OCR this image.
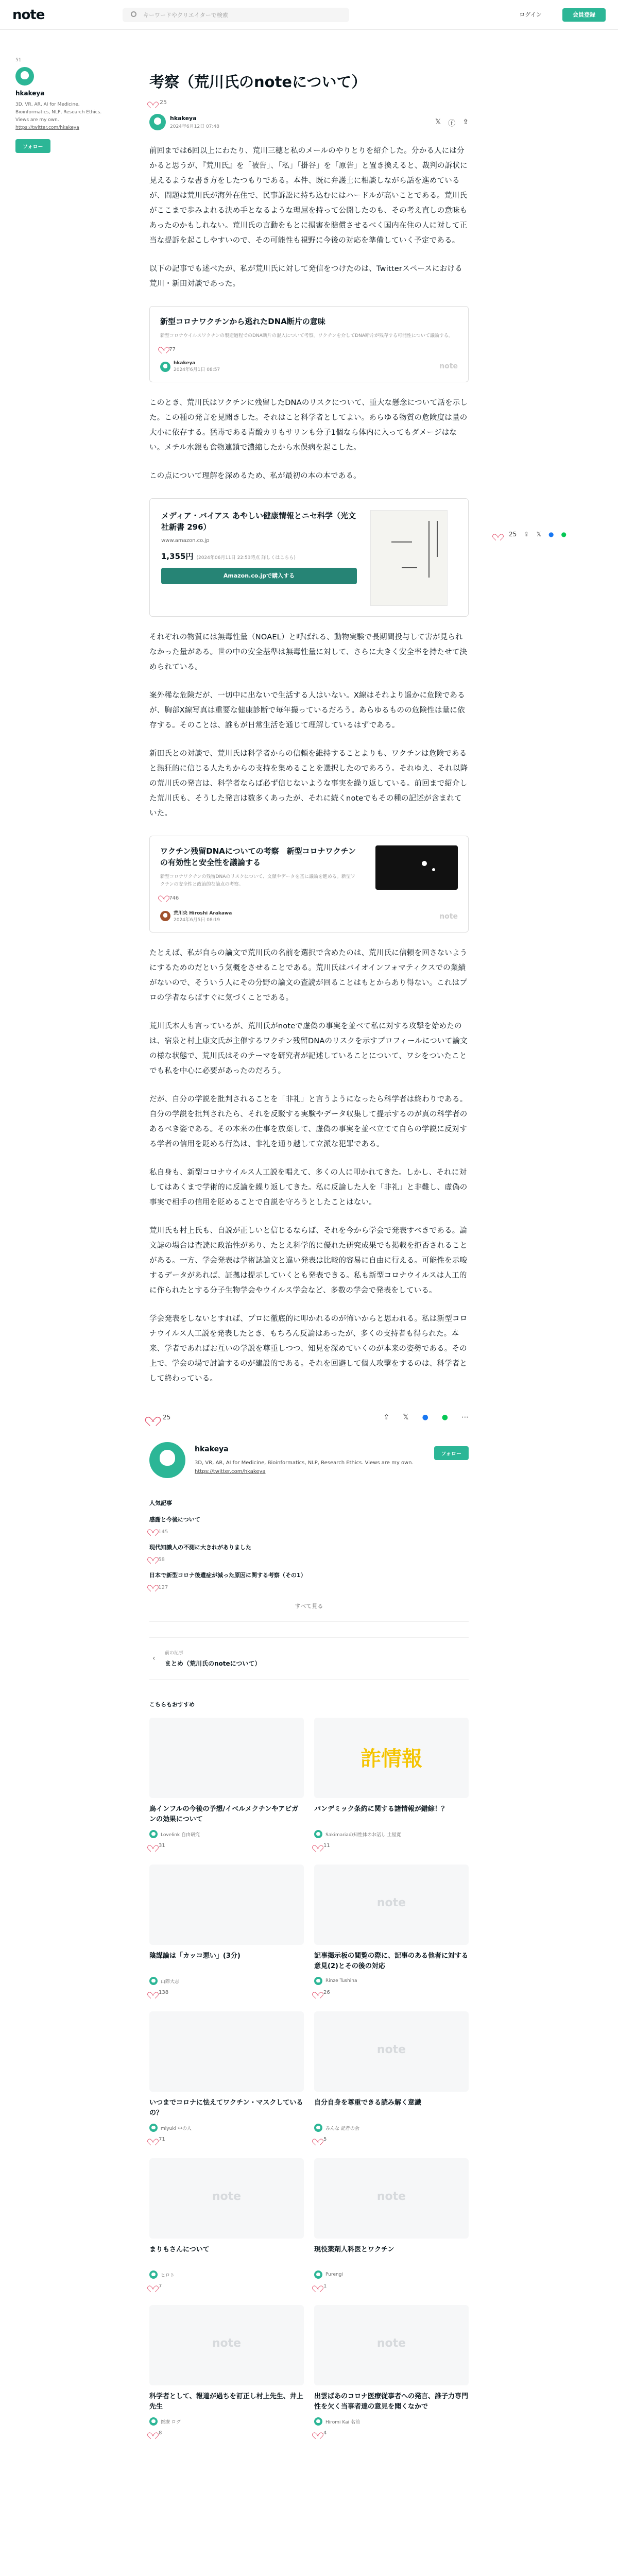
note	キーワードやクリエイターで検索	ログイン	会員登録
51
hkakeya
3D, VR, AR, AI for Medicine, Bioinformatics, NLP, Research Ethics. Views are my own. https://twitter.com/hkakeya
フォロー
25 ⇪ 𝕏 ● ●
考察（荒川氏のnoteについて）
25
hkakeya
2024年6月12日 07:48
𝕏 ⓕ ⇪

前回までは6回以上にわたり、荒川三穂と私のメールのやりとりを紹介した。分かる人には分かると思うが、『荒川氏』を「被告」、「私」「掛谷」を「原告」と置き換えると、裁判の訴状に見えるような書き方をしたつもりである。本件、既に弁護士に相談しながら話を進めているが、問題は荒川氏が海外在住で、民事訴訟に持ち込むにはハードルが高いことである。荒川氏がここまで歩みよれる決め手となるような理屈を持って公開したのも、その考え直しの意味もあったのかもしれない。荒川氏の言動をもとに損害を賠償させるべく国内在住の人に対して正当な提訴を起こしやすいので、その可能性も視野に今後の対応を準備していく予定である。

以下の記事でも述べたが、私が荒川氏に対して発信をつけたのは、Twitterスペースにおける荒川・新田対談であった。

新型コロナワクチンから逃れたDNA断片の意味
新型コロナウイルスワクチンの製造過程でのDNA断片の混入について考察。ワクチンを介してDNA断片が残存する可能性について議論する。
77
hkakeya
2024年6月1日 08:57	note

このとき、荒川氏はワクチンに残留したDNAのリスクについて、重大な懸念について話を示した。この種の発言を見聞きした。それはこと科学者としてよい。あらゆる物質の危険度は量の大小に依存する。猛毒である青酸カリもサリンも分子1個なら体内に入ってもダメージはない。メチル水銀も食物連鎖で濃縮したから水俣病を起こした。

この点について理解を深めるため、私が最初の本の本である。

メディア・バイアス あやしい健康情報とニセ科学（光文社新書 296）
www.amazon.co.jp
1,355円 (2024年06月11日 22:53時点 詳しくはこちら)
Amazon.co.jpで購入する

それぞれの物質には無毒性量（NOAEL）と呼ばれる、動物実験で長期間投与して害が見られなかった量がある。世の中の安全基準は無毒性量に対して、さらに大きく安全率を持たせて決められている。

案外稀な危険だが、一切中に出ないで生活する人はいない。X線はそれより遥かに危険であるが、胸部X線写真は重要な健康診断で毎年撮っているだろう。あらゆるものの危険性は量に依存する。そのことは、誰もが日常生活を通じて理解しているはずである。

新田氏との対談で、荒川氏は科学者からの信頼を維持することよりも、ワクチンは危険であると熱狂的に信じる人たちからの支持を集めることを選択したのであろう。それゆえ、それ以降の荒川氏の発言は、科学者ならば必ず信じないような事実を繰り返している。前回まで紹介した荒川氏も、そうした発言は数多くあったが、それに続くnoteでもその種の記述が含まれていた。

ワクチン残留DNAについての考察　新型コロナワクチンの有効性と安全性を議論する
新型コロナワクチンの残留DNAのリスクについて、文献やデータを基に議論を進める。新型ワクチンの安全性と政治的な論点の考察。
746
荒川央 Hiroshi Arakawa
2024年6月5日 08:19	note

たとえば、私が自らの論文で荒川氏の名前を選択で含めたのは、荒川氏に信頼を回さないようにするためのだという気概をさせることである。荒川氏はバイオインフォマティクスでの業績がないので、そういう人にその分野の論文の査読が回ることはもとからあり得ない。これはプロの学者ならばすぐに気づくことである。

荒川氏本人も言っているが、荒川氏がnoteで虚偽の事実を並べて私に対する攻撃を始めたのは、宿泉と村上康文氏が主催するワクチン残留DNAのリスクを示すプロフィールについて論文の様な状態で、荒川氏はそのテーマを研究者が記述していることについて、ワシをついたことでも私を中心に必要があったのだろう。

だが、自分の学説を批判されることを「非礼」と言うようになったら科学者は終わりである。自分の学説を批判されたら、それを反駁する実験やデータ収集して提示するのが真の科学者のあるべき姿である。その本来の仕事を放棄して、虚偽の事実を並べ立てて自らの学説に反対する学者の信用を貶める行為は、非礼を通り越して立派な犯罪である。

私自身も、新型コロナウイルス人工説を唱えて、多くの人に叩かれてきた。しかし、それに対してはあくまで学術的に反論を繰り返してきた。私に反論した人を「非礼」と非難し、虚偽の事実で相手の信用を貶めることで自説を守ろうとしたことはない。

荒川氏も村上氏も、自説が正しいと信じるならば、それを今から学会で発表すべきである。論文誌の場合は査読に政治性があり、たとえ科学的に優れた研究成果でも掲載を拒否されることがある。一方、学会発表は学術誌論文と違い発表は比較的容易に自由に行える。可能性を示唆するデータがあれば、証拠は提示していくとも発表できる。私も新型コロナウイルスは人工的に作られたとする分子生物学会やウイルス学会など、多数の学会で発表をしている。

学会発表をしないとすれば、プロに徹底的に叩かれるのが怖いからと思われる。私は新型コロナウイルス人工説を発表したとき、もちろん反論はあったが、多くの支持者も得られた。本来、学者であればお互いの学説を尊重しつつ、知見を深めていくのが本来の姿勢である。その上で、学会の場で討論するのが建設的である。それを回避して個人攻撃をするのは、科学者として終わっている。

25	⇪ 𝕏 ● ● ⋯
hkakeya
3D, VR, AR, AI for Medicine, Bioinformatics, NLP, Research Ethics. Views are my own. https://twitter.com/hkakeya
フォロー
人気記事
感謝と今後について
145
現代知識人の不測に大きれがありました
58
日本で新型コロナ後遺症が減った原因に関する考察（その1）
127
すべて見る
‹
前の記事
まとめ（荒川氏のnoteについて）
こちらもおすすめ
鳥インフルの今後の予想/イベルメクチンやアビガンの効果について
Lovelink 自由研究
31
詐情報
パンデミック条約に関する諸情報が錯綜！？
Sakimariaの知性体のお話し 土屋寛
11
陰謀論は「カッコ悪い」(3分)
山際大志
138
note
記事掲示板の閲覧の際に、記事のある他者に対する意見(2)とその後の対応
Rinze Tushina
26
いつまでコロナに怯えてワクチン・マスクしているの？
miyuki 中の人
71
note
自分自身を尊重できる読み解く意識
みんな 記者の会
5
note
まりもさんについて
ヒロト
7
note
現役薬剤人科医とワクチン
Purengi
1
note
科学者として、報道が過ちを訂正し村上先生、井上先生
医療 ログ
8
note
出雲ばあのコロナ医療従事者への発言、誰子力専門性を欠く当事者達の意見を聞くなかで
Hiromi Kai 名前
4
